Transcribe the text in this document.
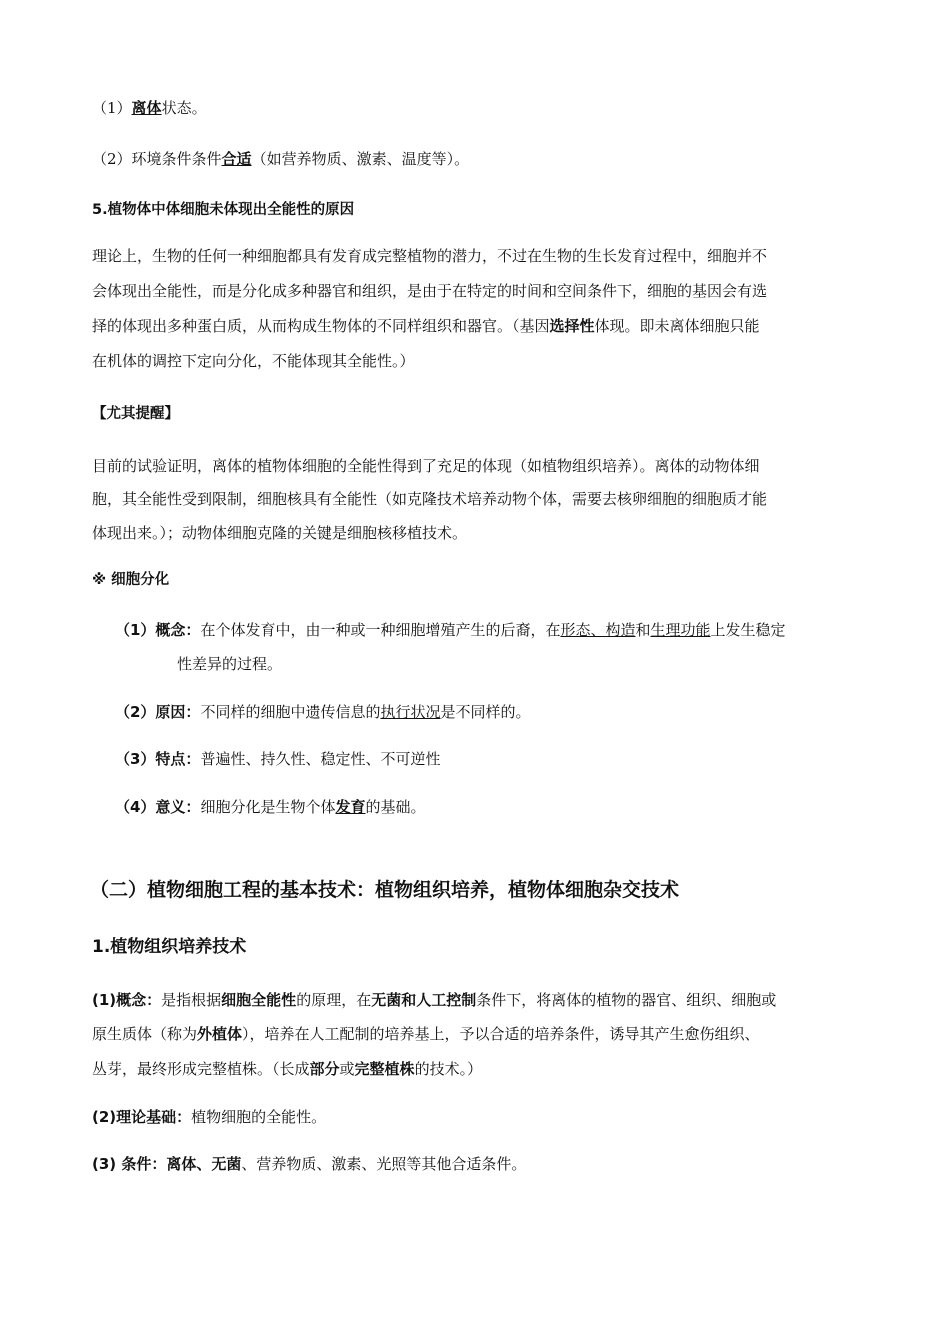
（1）离体状态。
（2）环境条件条件合适（如营养物质、激素、温度等）。
5.植物体中体细胞未体现出全能性的原因
理论上，生物的任何一种细胞都具有发育成完整植物的潜力，不过在生物的生长发育过程中，细胞并不
会体现出全能性，而是分化成多种器官和组织，是由于在特定的时间和空间条件下，细胞的基因会有选
择的体现出多种蛋白质，从而构成生物体的不同样组织和器官。（基因选择性体现。即未离体细胞只能
在机体的调控下定向分化，不能体现其全能性。）
【尤其提醒】
目前的试验证明，离体的植物体细胞的全能性得到了充足的体现（如植物组织培养）。离体的动物体细
胞，其全能性受到限制，细胞核具有全能性（如克隆技术培养动物个体，需要去核卵细胞的细胞质才能
体现出来。）；动物体细胞克隆的关键是细胞核移植技术。
※ 细胞分化
（1）概念：在个体发育中，由一种或一种细胞增殖产生的后裔，在形态、构造和生理功能上发生稳定
性差异的过程。
（2）原因：不同样的细胞中遗传信息的执行状况是不同样的。
（3）特点：普遍性、持久性、稳定性、不可逆性
（4）意义：细胞分化是生物个体发育的基础。
（二）植物细胞工程的基本技术：植物组织培养，植物体细胞杂交技术
1.植物组织培养技术
(1)概念：是指根据细胞全能性的原理，在无菌和人工控制条件下，将离体的植物的器官、组织、细胞或
原生质体（称为外植体），培养在人工配制的培养基上，予以合适的培养条件，诱导其产生愈伤组织、
丛芽，最终形成完整植株。（长成部分或完整植株的技术。）
(2)理论基础：植物细胞的全能性。
(3) 条件：离体、无菌、营养物质、激素、光照等其他合适条件。
